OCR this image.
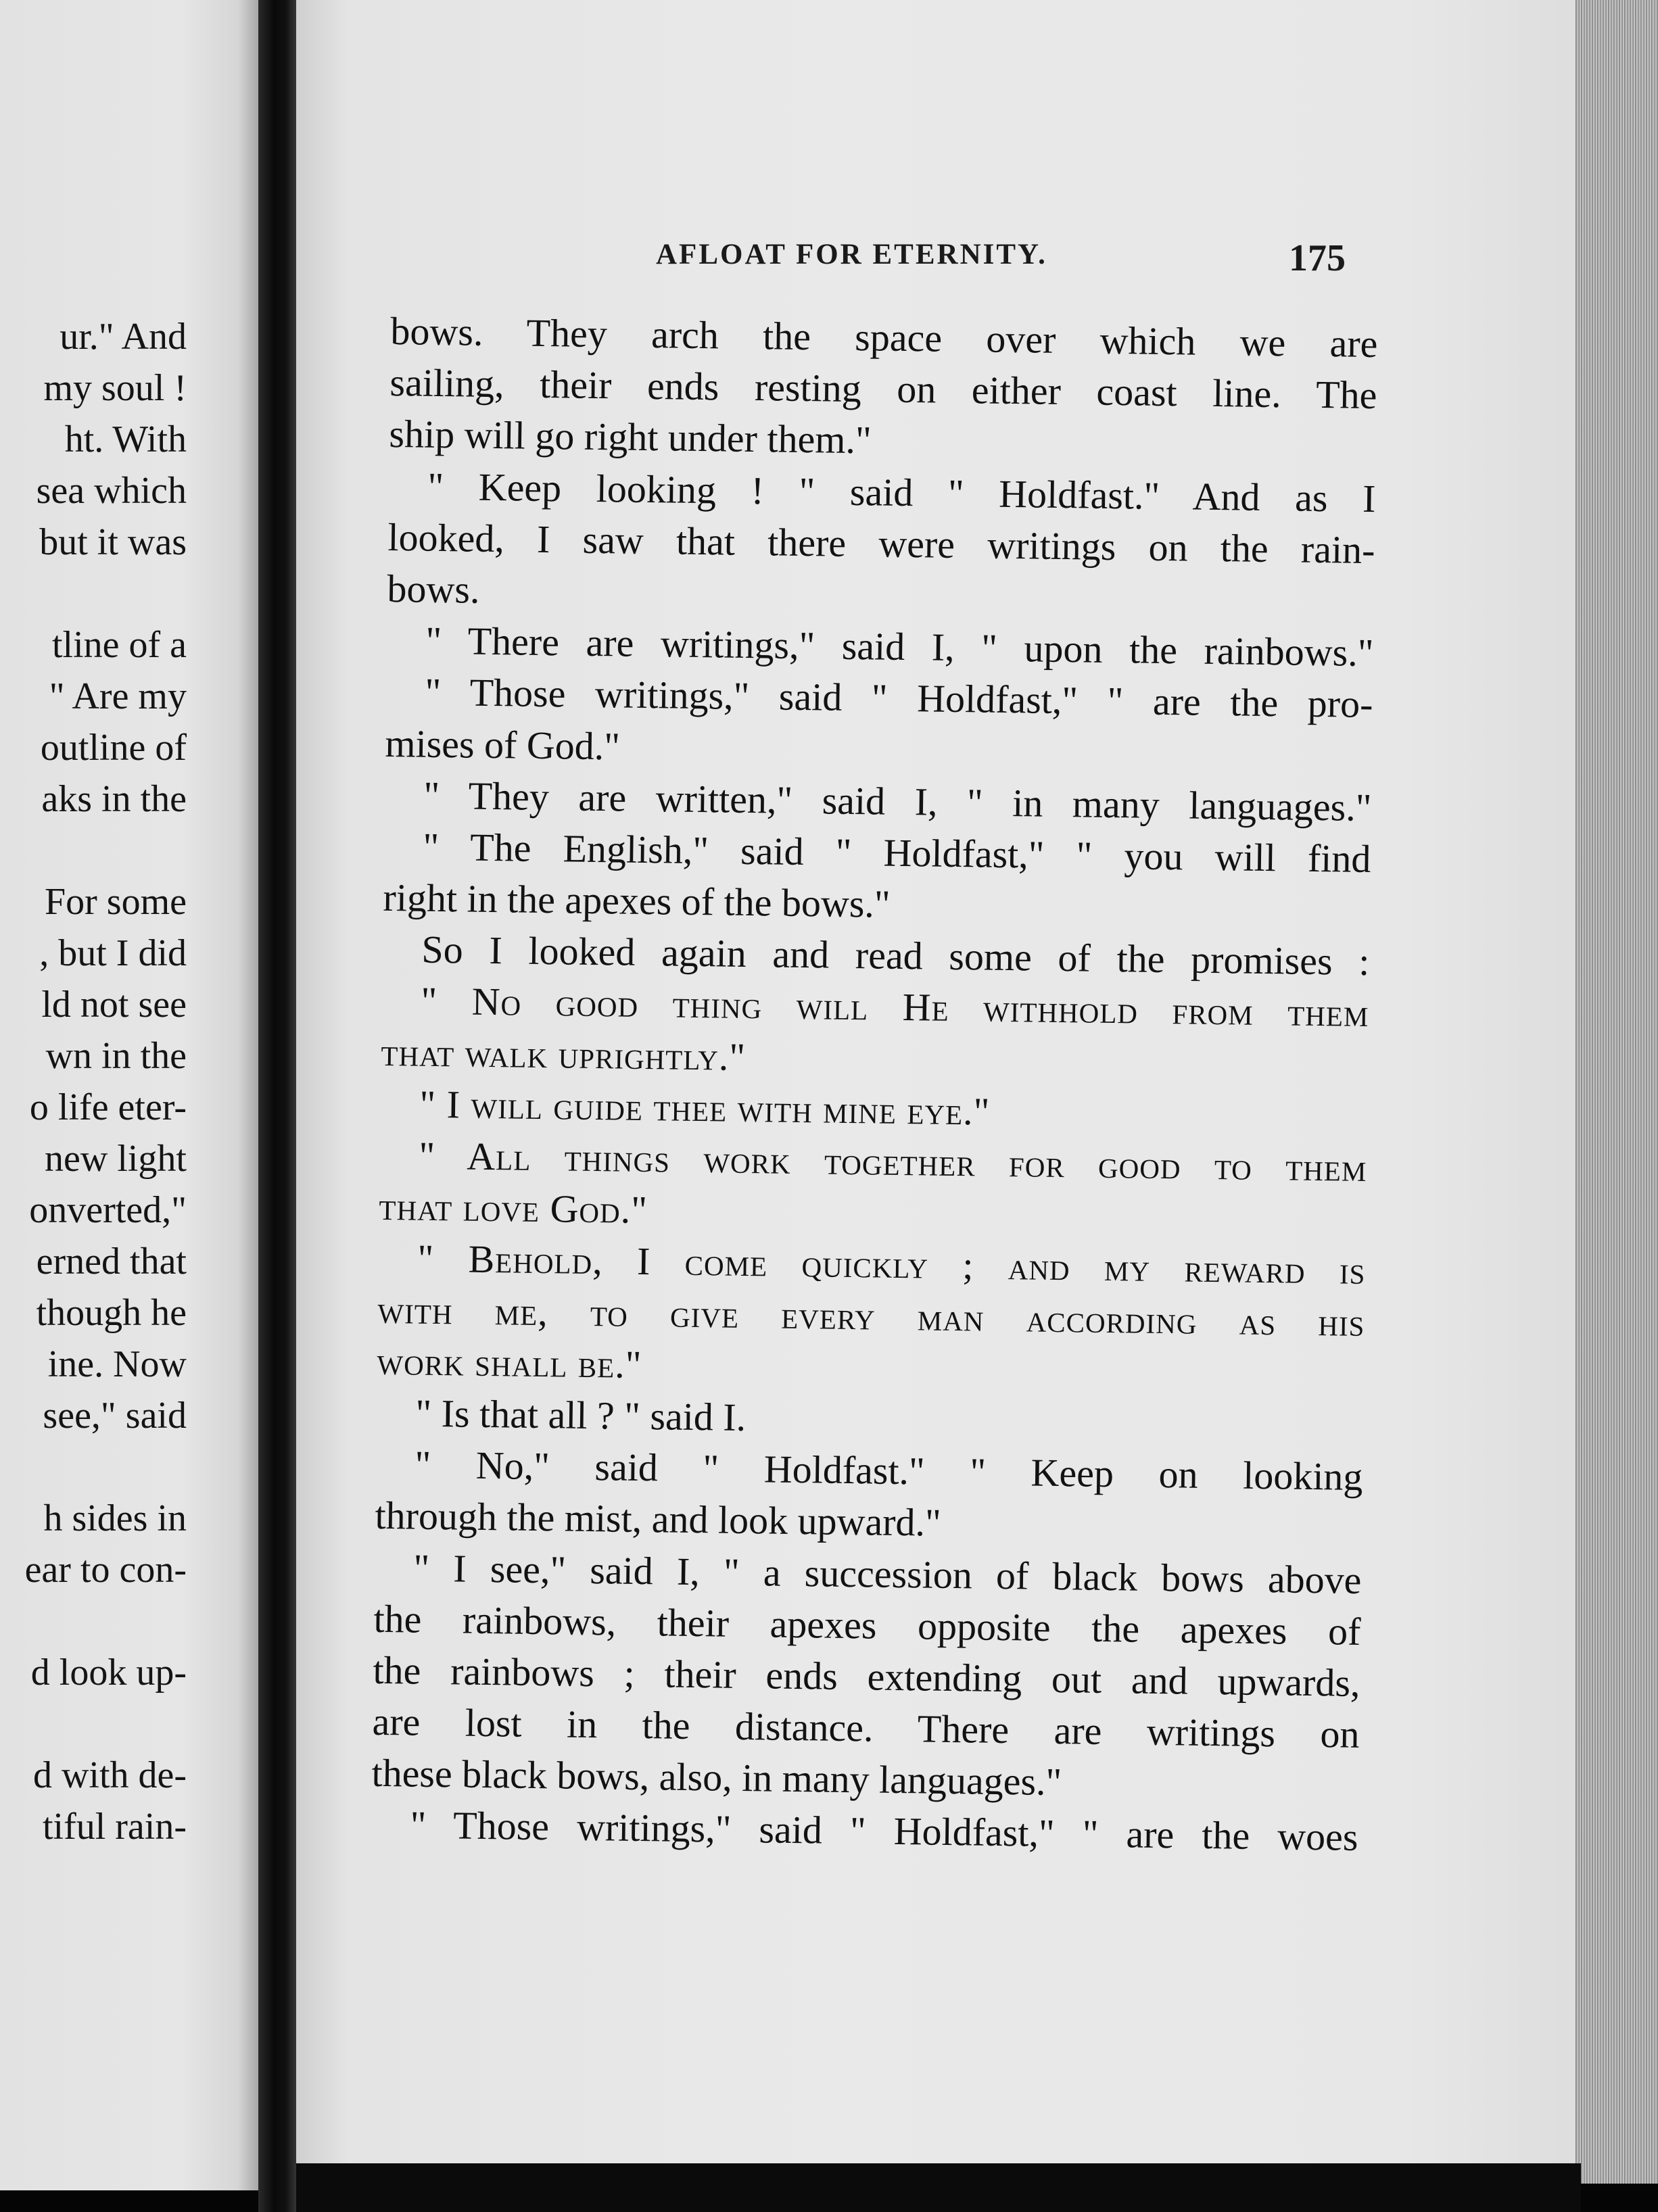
ur." And
my soul !
ht. With
sea which
but it was
tline of a
" Are my
outline of
aks in the
For some
, but I did
ld not see
wn in the
o life eter-
new light
onverted,"
erned that
though he
ine. Now
see," said
h sides in
ear to con-
d look up-
d with de-
tiful rain-
AFLOAT FOR ETERNITY.	175
bows. They arch the space over which we are
sailing, their ends resting on either coast line. The
ship will go right under them."
" Keep looking ! " said " Holdfast." And as I
looked, I saw that there were writings on the rain-
bows.
" There are writings," said I, " upon the rainbows."
" Those writings," said " Holdfast," " are the pro-
mises of God."
" They are written," said I, " in many languages."
" The English," said " Holdfast," " you will find
right in the apexes of the bows."
So I looked again and read some of the promises :
" No good thing will He withhold from them
that walk uprightly."
" I will guide thee with mine eye."
" All things work together for good to them
that love God."
" Behold, I come quickly ; and my reward is
with me, to give every man according as his
work shall be."
" Is that all ? " said I.
" No," said " Holdfast." " Keep on looking
through the mist, and look upward."
" I see," said I, " a succession of black bows above
the rainbows, their apexes opposite the apexes of
the rainbows ; their ends extending out and upwards,
are lost in the distance. There are writings on
these black bows, also, in many languages."
" Those writings," said " Holdfast," " are the woes
